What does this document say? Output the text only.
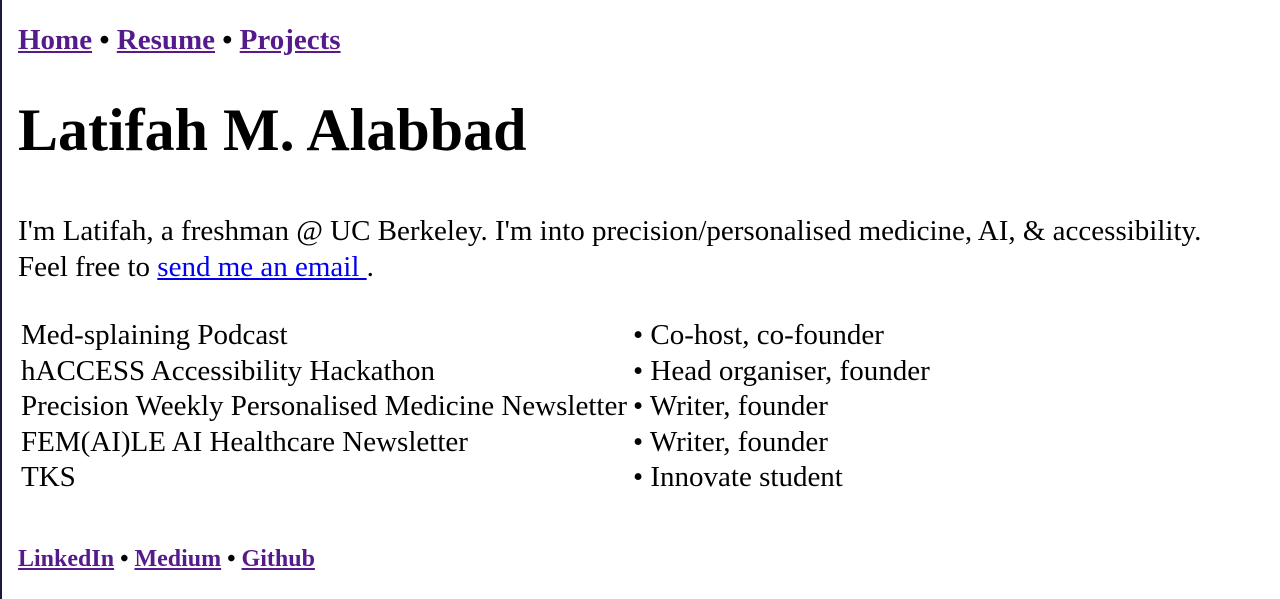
Home • Resume • Projects
Latifah M. Alabbad

I'm Latifah, a freshman @ UC Berkeley. I'm into precision/personalised medicine, AI, & accessibility.
Feel free to send me an email .

Med-splaining Podcast	• Co-host, co-founder
hACCESS Accessibility Hackathon	• Head organiser, founder
Precision Weekly Personalised Medicine Newsletter	• Writer, founder
FEM(AI)LE AI Healthcare Newsletter	• Writer, founder
TKS	• Innovate student
LinkedIn • Medium • Github
